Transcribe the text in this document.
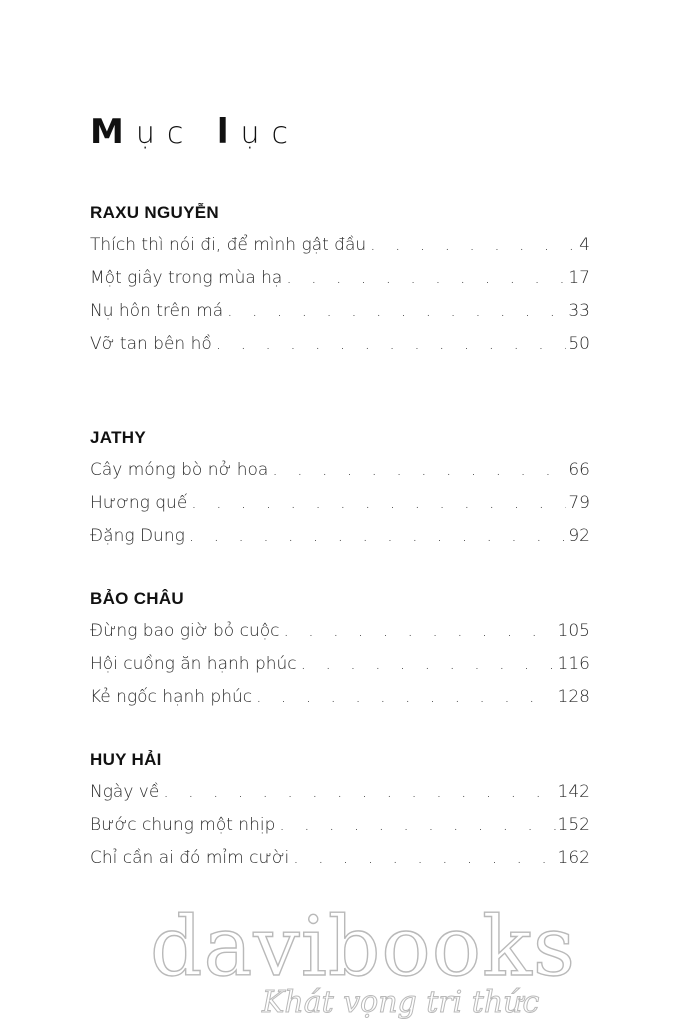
Mục lục
RAXU NGUYỄN
Thích thì nói đi, để mình gật đầu . . .	4
Một giây trong mùa hạ . . .	17
Nụ hôn trên má . . .	33
Vỡ tan bên hồ . . .	50
JATHY
Cây móng bò nở hoa . . .	66
Hương quế . . .	79
Đặng Dung . . .	92
BẢO CHÂU
Đừng bao giờ bỏ cuộc . . .	105
Hội cuồng ăn hạnh phúc . . .	116
Kẻ ngốc hạnh phúc . . .	128
HUY HẢI
Ngày về . . .	142
Bước chung một nhịp . . .	152
Chỉ cần ai đó mỉm cười . . .	162
davibooks
Khát vọng tri thức
